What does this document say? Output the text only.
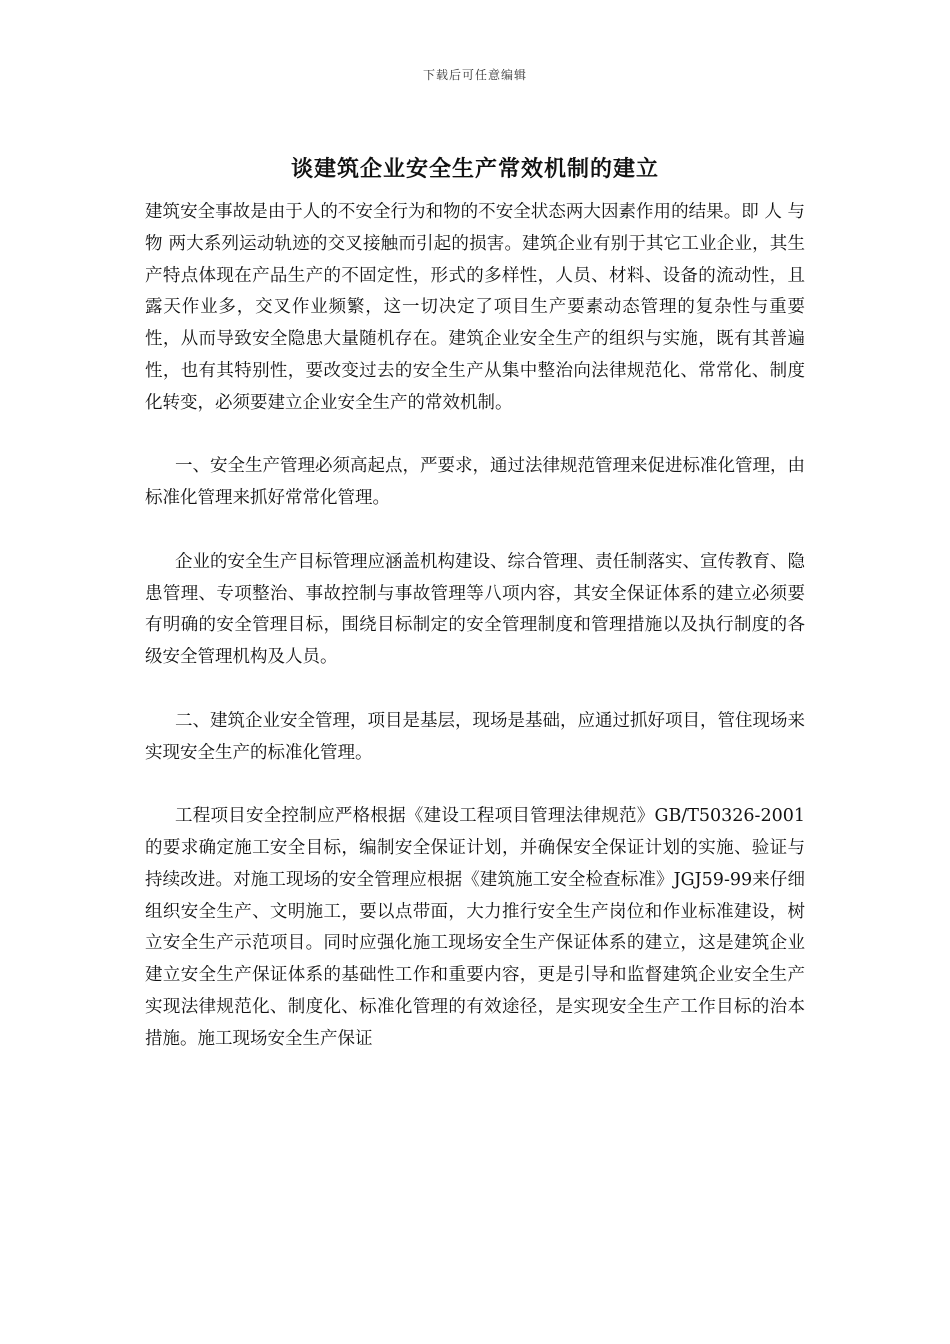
下载后可任意编辑
谈建筑企业安全生产常效机制的建立

建筑安全事故是由于人的不安全行为和物的不安全状态两大因素作用的结果。即 人 与 物 两大系列运动轨迹的交叉接触而引起的损害。建筑企业有别于其它工业企业，其生产特点体现在产品生产的不固定性，形式的多样性，人员、材料、设备的流动性，且露天作业多，交叉作业频繁，这一切决定了项目生产要素动态管理的复杂性与重要性，从而导致安全隐患大量随机存在。建筑企业安全生产的组织与实施，既有其普遍性，也有其特别性，要改变过去的安全生产从集中整治向法律规范化、常常化、制度化转变，必须要建立企业安全生产的常效机制。

一、安全生产管理必须高起点，严要求，通过法律规范管理来促进标准化管理，由标准化管理来抓好常常化管理。

企业的安全生产目标管理应涵盖机构建设、综合管理、责任制落实、宣传教育、隐患管理、专项整治、事故控制与事故管理等八项内容，其安全保证体系的建立必须要有明确的安全管理目标，围绕目标制定的安全管理制度和管理措施以及执行制度的各级安全管理机构及人员。

二、建筑企业安全管理，项目是基层，现场是基础，应通过抓好项目，管住现场来实现安全生产的标准化管理。

工程项目安全控制应严格根据《建设工程项目管理法律规范》GB/T50326-2001的要求确定施工安全目标，编制安全保证计划，并确保安全保证计划的实施、验证与持续改进。对施工现场的安全管理应根据《建筑施工安全检查标准》JGJ59-99来仔细组织安全生产、文明施工，要以点带面，大力推行安全生产岗位和作业标准建设，树立安全生产示范项目。同时应强化施工现场安全生产保证体系的建立，这是建筑企业建立安全生产保证体系的基础性工作和重要内容，更是引导和监督建筑企业安全生产实现法律规范化、制度化、标准化管理的有效途径，是实现安全生产工作目标的治本措施。施工现场安全生产保证
